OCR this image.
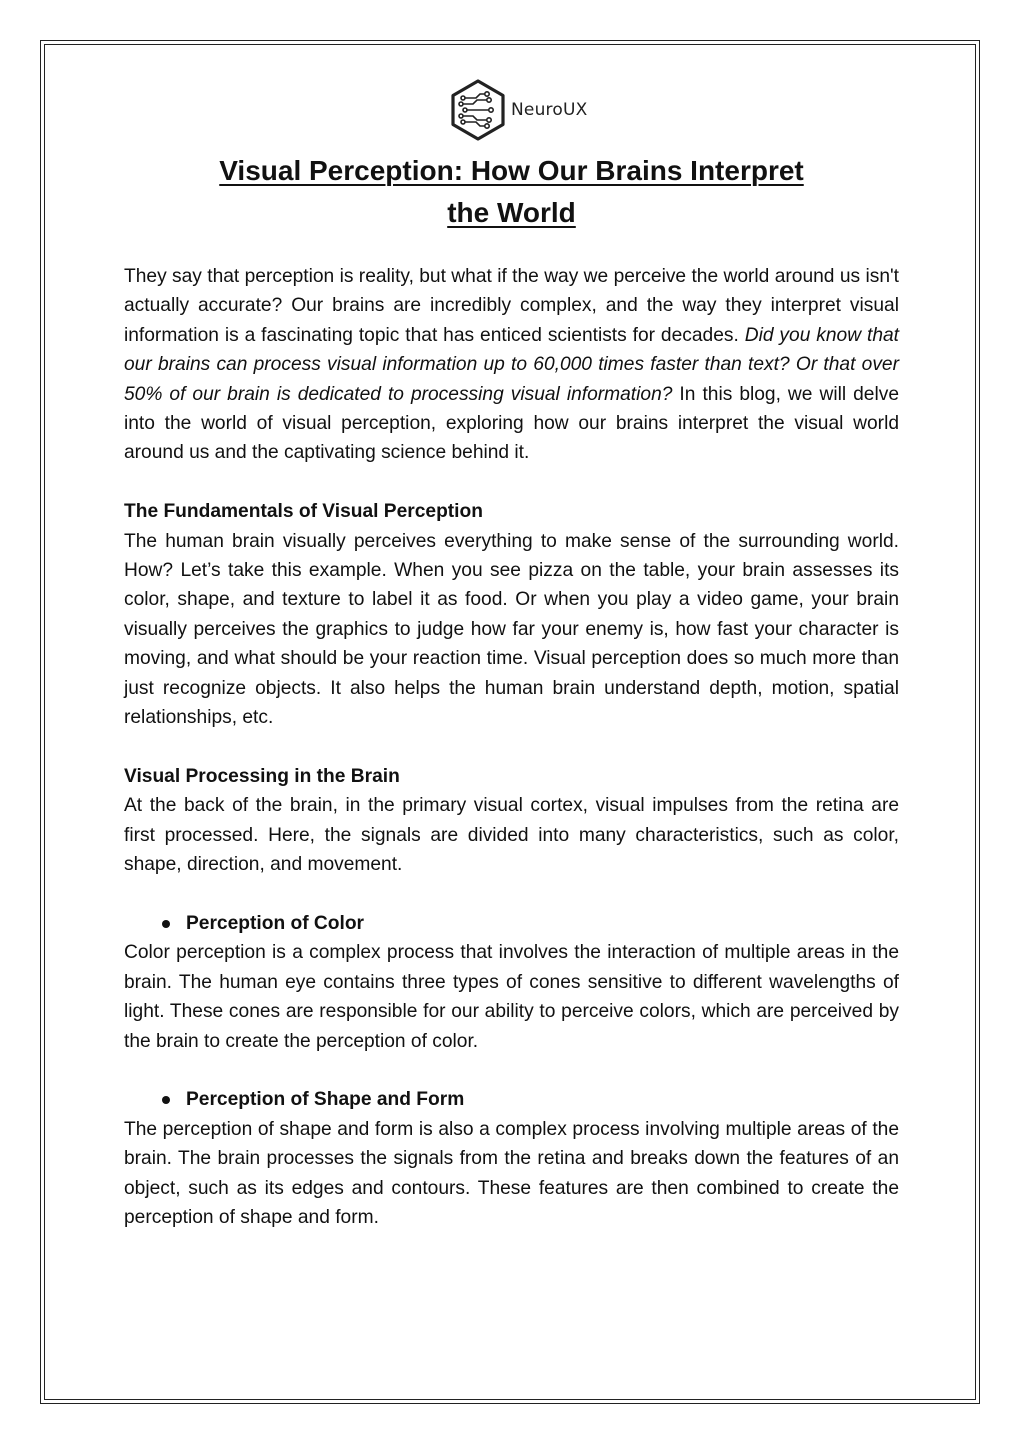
NeuroUX
Visual Perception: How Our Brains Interpret
the World

They say that perception is reality, but what if the way we perceive the world around us isn't actually accurate? Our brains are incredibly complex, and the way they interpret visual information is a fascinating topic that has enticed scientists for decades. Did you know that our brains can process visual information up to 60,000 times faster than text? Or that over 50% of our brain is dedicated to processing visual information? In this blog, we will delve into the world of visual perception, exploring how our brains interpret the visual world around us and the captivating science behind it.

The Fundamentals of Visual Perception

The human brain visually perceives everything to make sense of the surrounding world. How? Let’s take this example. When you see pizza on the table, your brain assesses its color, shape, and texture to label it as food. Or when you play a video game, your brain visually perceives the graphics to judge how far your enemy is, how fast your character is moving, and what should be your reaction time. Visual perception does so much more than just recognize objects. It also helps the human brain understand depth, motion, spatial relationships, etc.

Visual Processing in the Brain

At the back of the brain, in the primary visual cortex, visual impulses from the retina are first processed. Here, the signals are divided into many characteristics, such as color, shape, direction, and movement.

Perception of Color

Color perception is a complex process that involves the interaction of multiple areas in the brain. The human eye contains three types of cones sensitive to different wavelengths of light. These cones are responsible for our ability to perceive colors, which are perceived by the brain to create the perception of color.

Perception of Shape and Form

The perception of shape and form is also a complex process involving multiple areas of the brain. The brain processes the signals from the retina and breaks down the features of an object, such as its edges and contours. These features are then combined to create the perception of shape and form.
